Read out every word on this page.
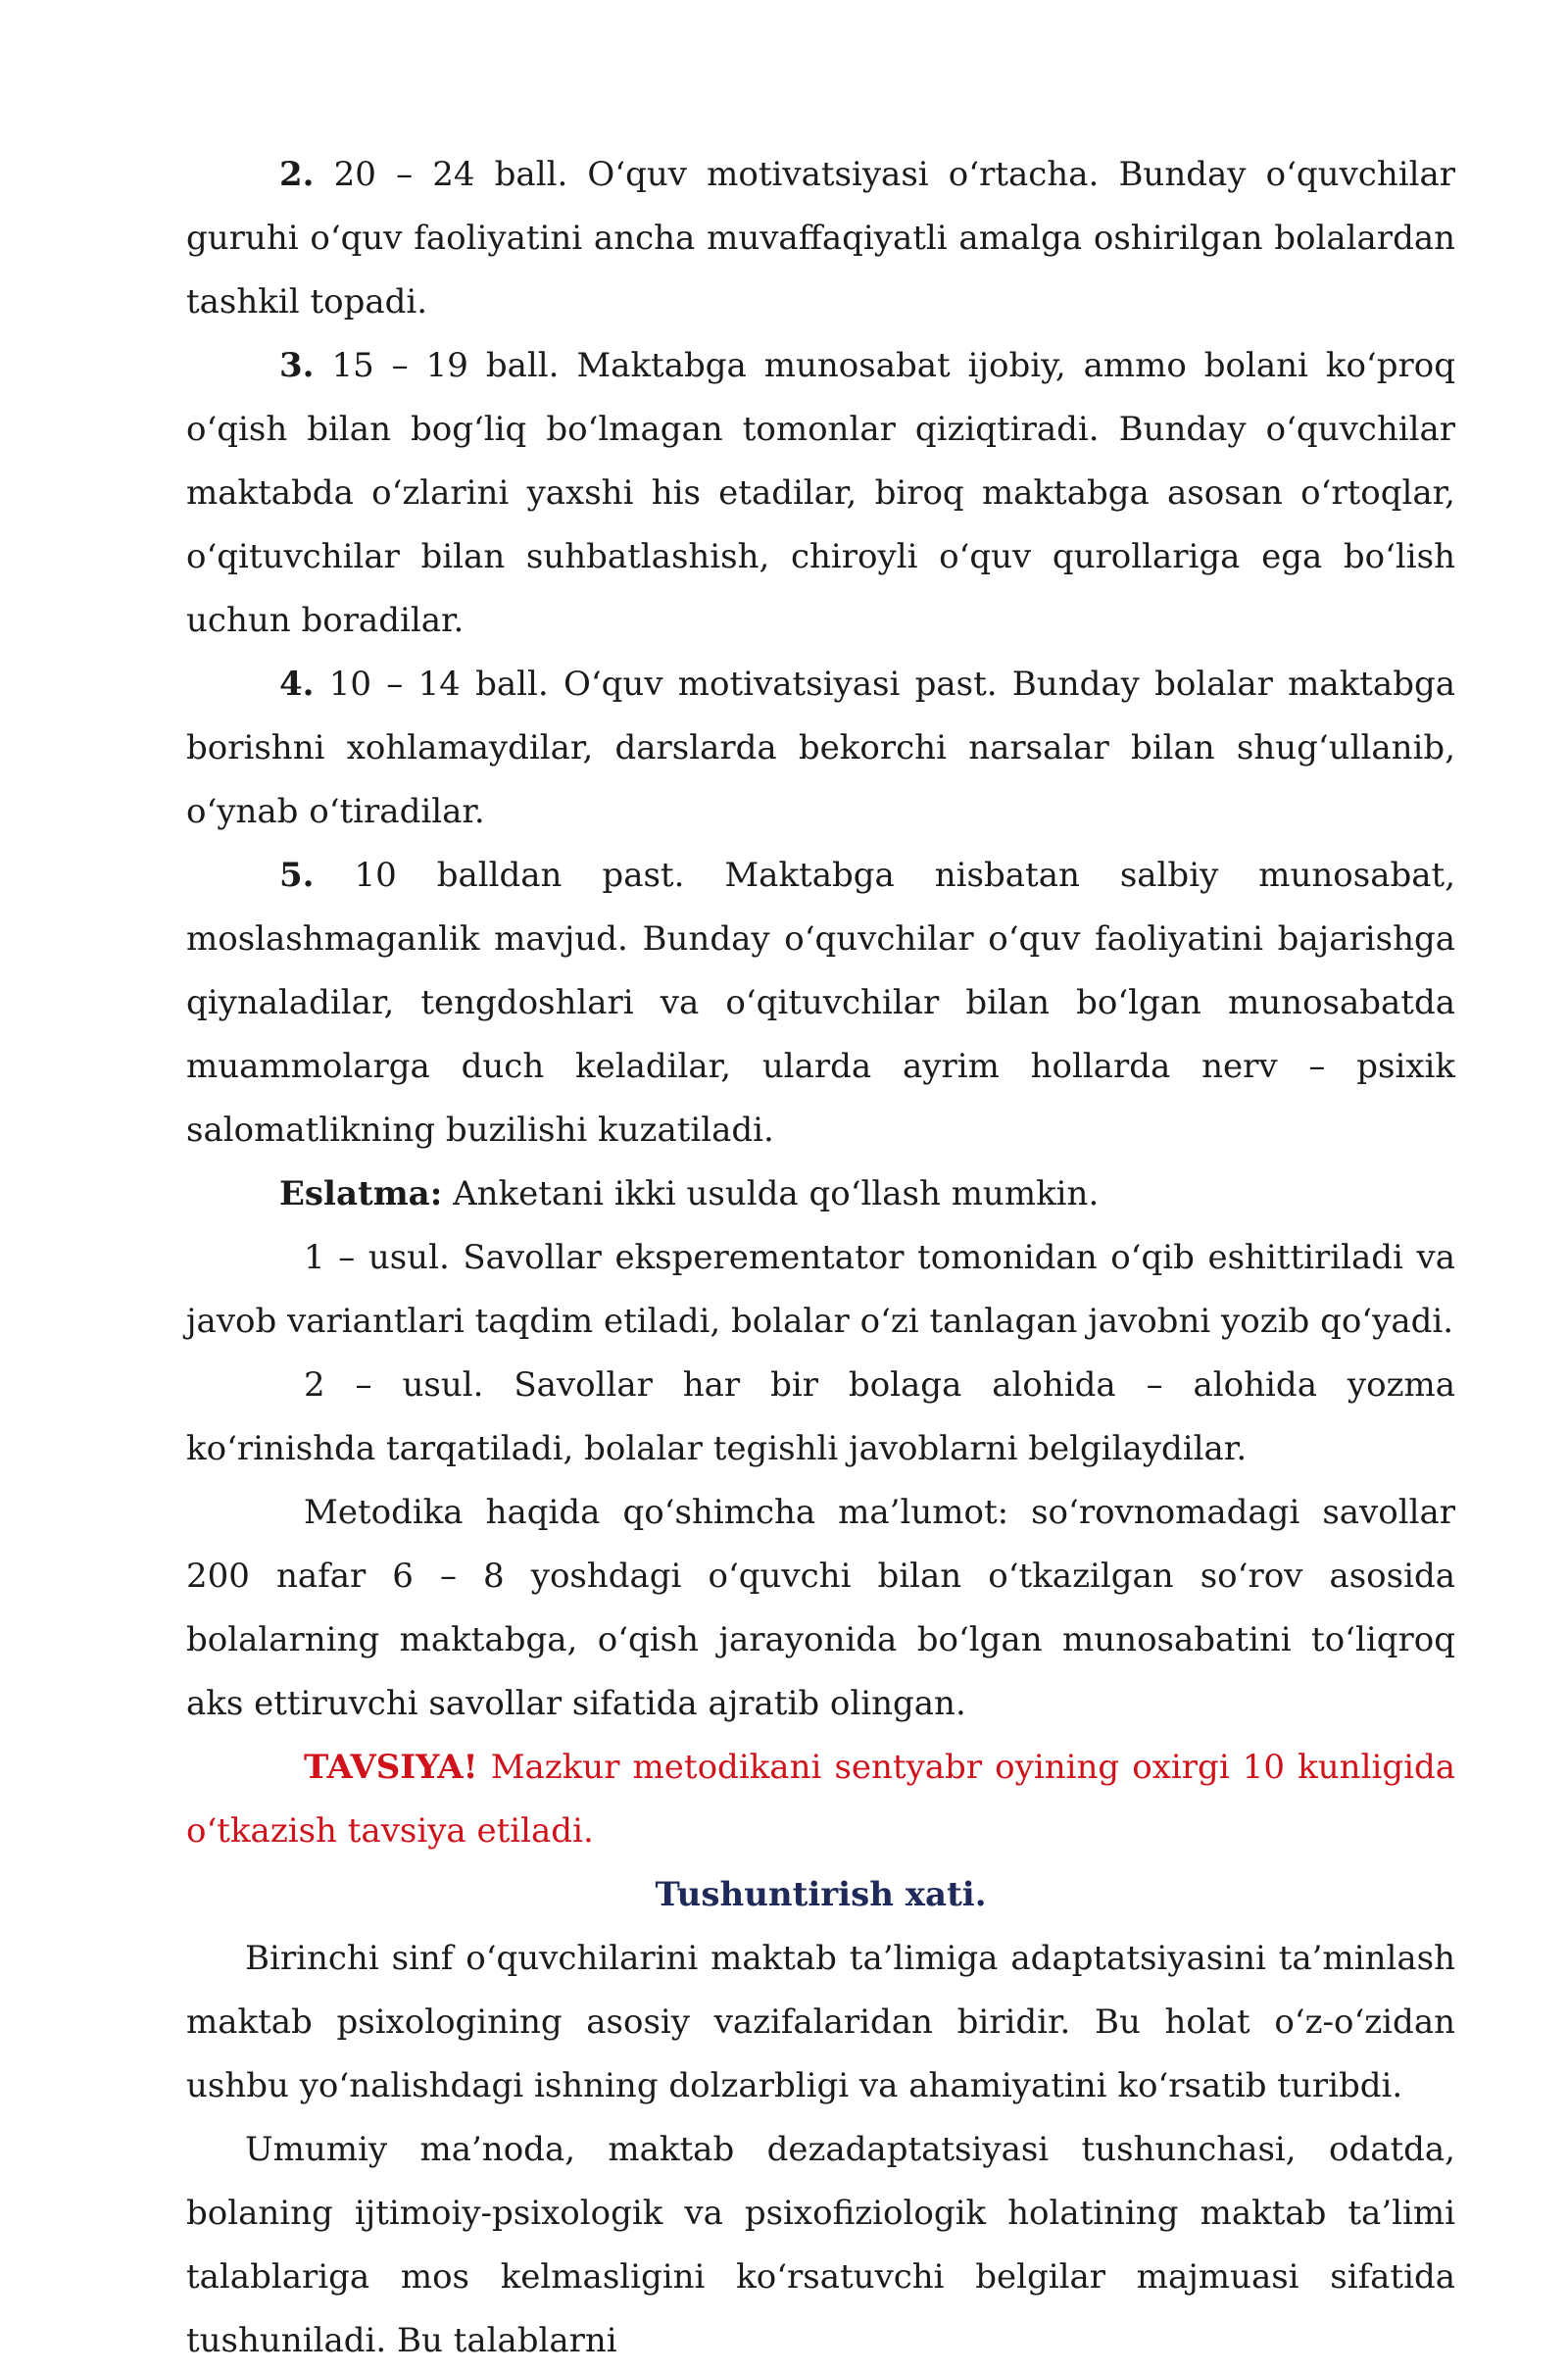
2. 20 – 24 ball. O‘quv motivatsiyasi o‘rtacha. Bunday o‘quvchilar guruhi o‘quv faoliyatini ancha muvaffaqiyatli amalga oshirilgan bolalardan tashkil topadi.

3. 15 – 19 ball. Maktabga munosabat ijobiy, ammo bolani ko‘proq o‘qish bilan bog‘liq bo‘lmagan tomonlar qiziqtiradi. Bunday o‘quvchilar maktabda o‘zlarini yaxshi his etadilar, biroq maktabga asosan o‘rtoqlar, o‘qituvchilar bilan suhbatlashish, chiroyli o‘quv qurollariga ega bo‘lish uchun boradilar.

4. 10 – 14 ball. O‘quv motivatsiyasi past. Bunday bolalar maktabga borishni xohlamaydilar, darslarda bekorchi narsalar bilan shug‘ullanib, o‘ynab o‘tiradilar.

5. 10 balldan past. Maktabga nisbatan salbiy munosabat, moslashmaganlik mavjud. Bunday o‘quvchilar o‘quv faoliyatini bajarishga qiynaladilar, tengdoshlari va o‘qituvchilar bilan bo‘lgan munosabatda muammolarga duch keladilar, ularda ayrim hollarda nerv – psixik salomatlikning buzilishi kuzatiladi.

Eslatma: Anketani ikki usulda qo‘llash mumkin.

1 – usul. Savollar eksperementator tomonidan o‘qib eshittiriladi va javob variantlari taqdim etiladi, bolalar o‘zi tanlagan javobni yozib qo‘yadi.

2 – usul. Savollar har bir bolaga alohida – alohida yozma ko‘rinishda tarqatiladi, bolalar tegishli javoblarni belgilaydilar.

Metodika haqida qo‘shimcha ma’lumot: so‘rovnomadagi savollar 200 nafar 6 – 8 yoshdagi o‘quvchi bilan o‘tkazilgan so‘rov asosida bolalarning maktabga, o‘qish jarayonida bo‘lgan munosabatini to‘liqroq aks ettiruvchi savollar sifatida ajratib olingan.

TAVSIYA! Mazkur metodikani sentyabr oyining oxirgi 10 kunligida o‘tkazish tavsiya etiladi.

Tushuntirish xati.

Birinchi sinf o‘quvchilarini maktab ta’limiga adaptatsiyasini ta’minlash maktab psixologining asosiy vazifalaridan biridir. Bu holat o‘z-o‘zidan ushbu yo‘nalishdagi ishning dolzarbligi va ahamiyatini ko‘rsatib turibdi.

Umumiy ma’noda, maktab dezadaptatsiyasi tushunchasi, odatda, bolaning ijtimoiy-psixologik va psixofiziologik holatining maktab ta’limi talablariga mos kelmasligini ko‘rsatuvchi belgilar majmuasi sifatida tushuniladi. Bu talablarni
